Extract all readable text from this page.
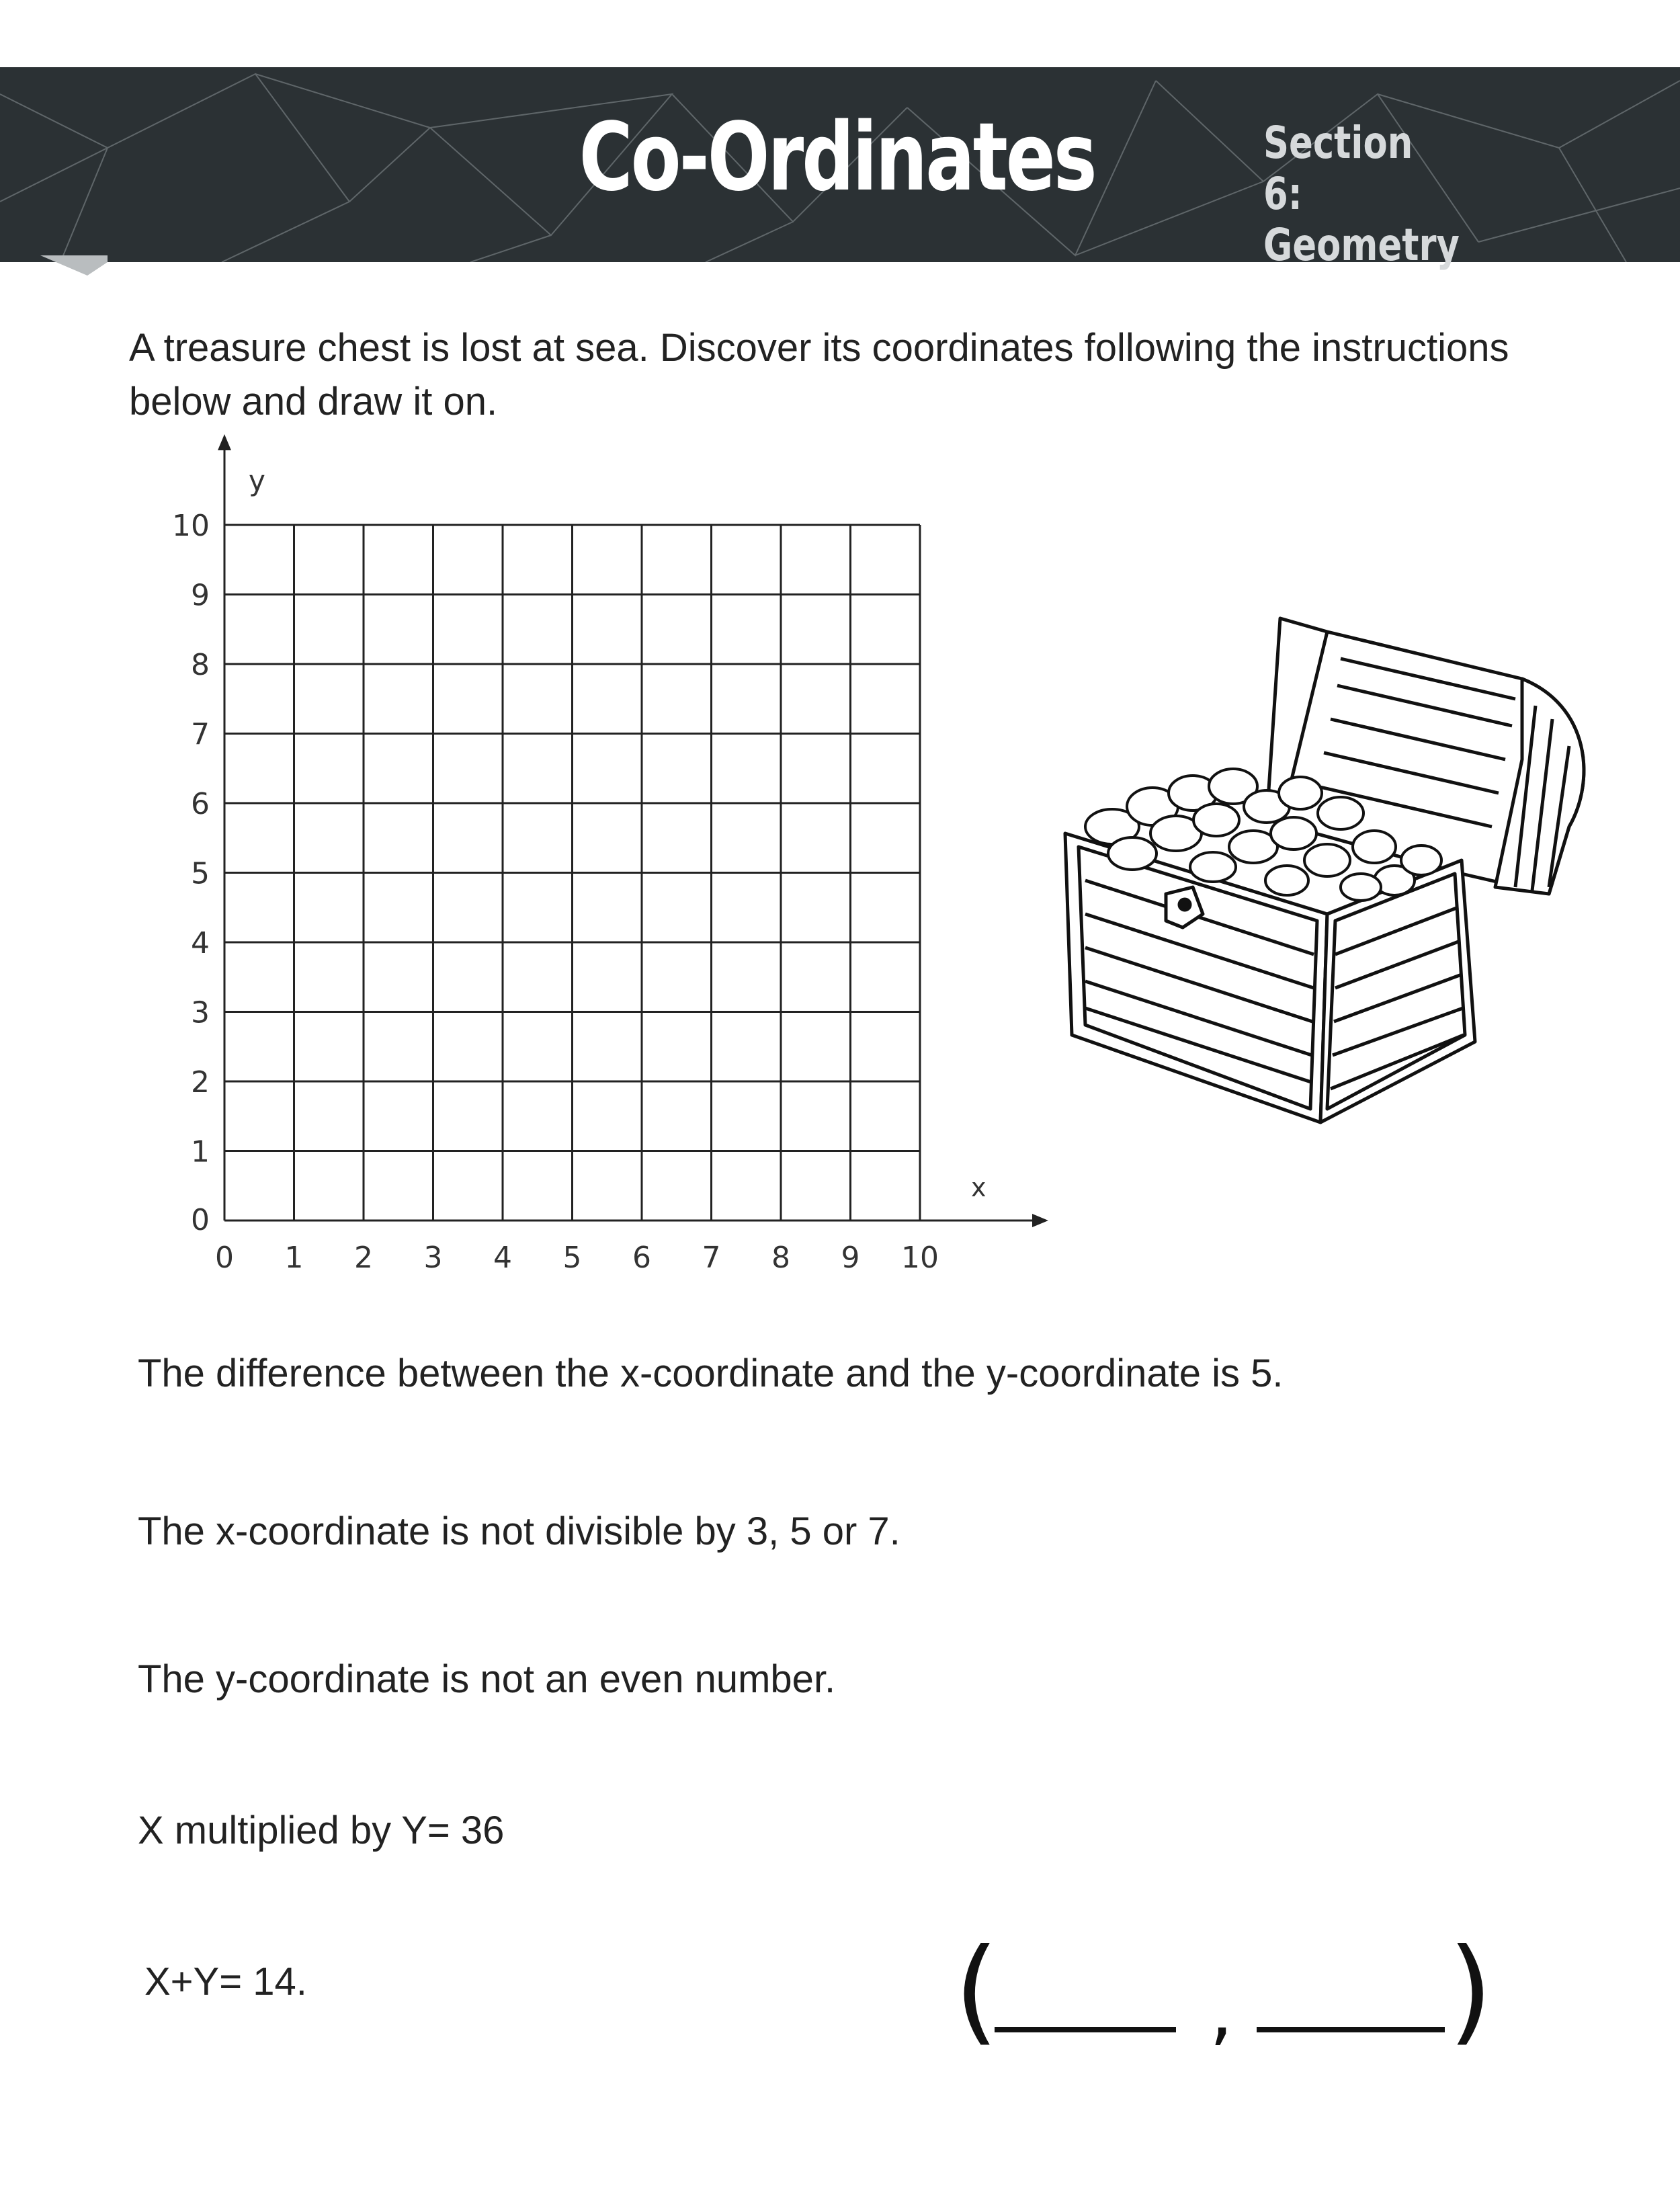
Co-Ordinates	Section 6:
Geometry
A treasure chest is lost at sea. Discover its coordinates following the instructions below and draw it on.
y
x
0 1 2 3 4 5 6 7 8 9 10
0
1
2
3
4
5
6
7
8
9
10
The difference between the x-coordinate and the y-coordinate is 5.
The x-coordinate is not divisible by 3, 5 or 7.
The y-coordinate is not an even number.
X multiplied by Y= 36
X+Y= 14.	(	, )
